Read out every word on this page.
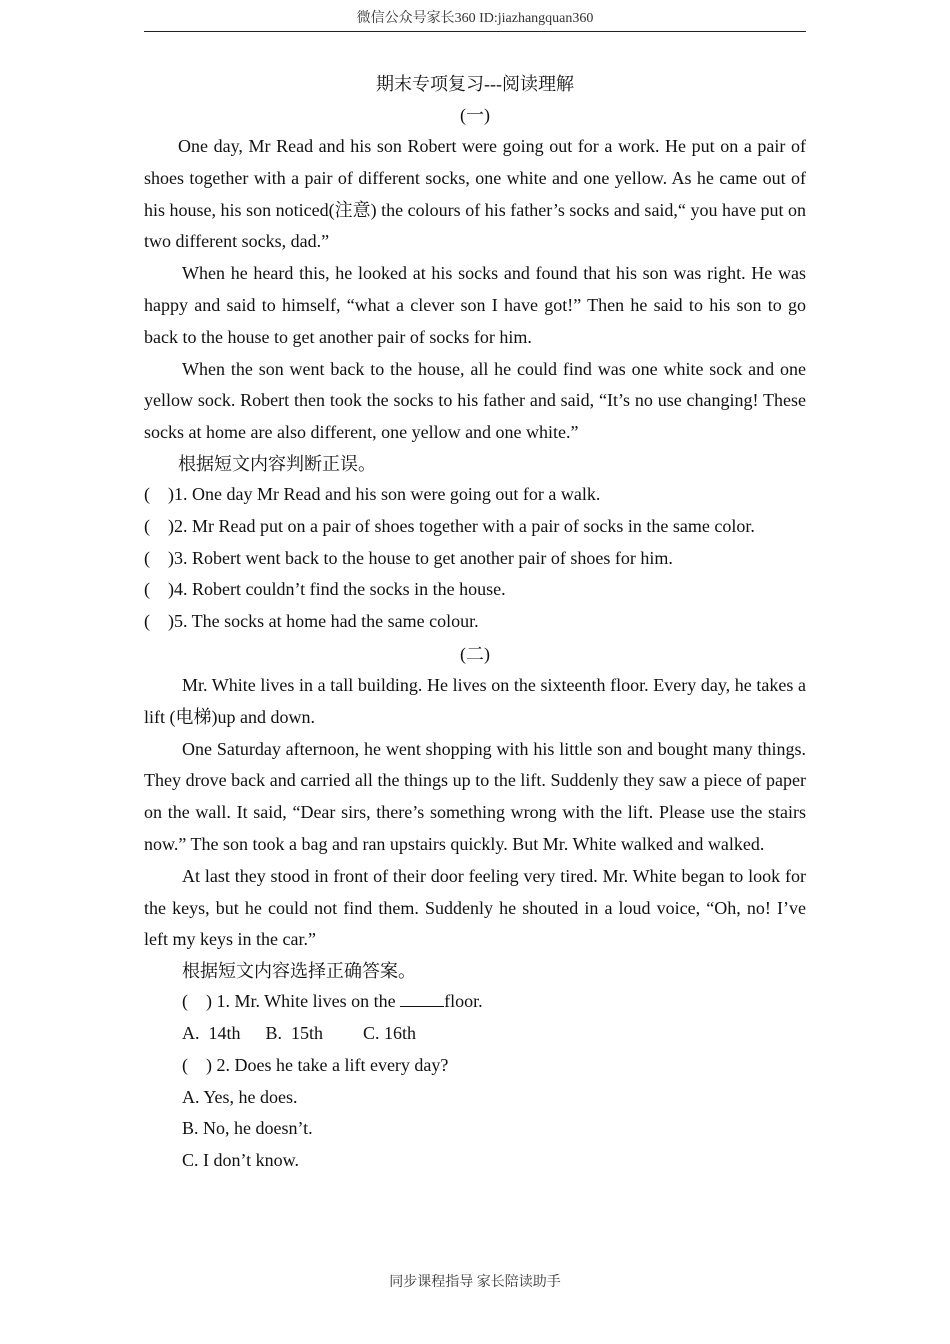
微信公众号家长360 ID:jiazhangquan360
期末专项复习---阅读理解
(一)

One day, Mr Read and his son Robert were going out for a work. He put on a pair of shoes together with a pair of different socks, one white and one yellow. As he came out of his house, his son noticed(注意) the colours of his father’s socks and said,“ you have put on two different socks, dad.”

When he heard this, he looked at his socks and found that his son was right. He was happy and said to himself, “what a clever son I have got!” Then he said to his son to go back to the house to get another pair of socks for him.

When the son went back to the house, all he could find was one white sock and one yellow sock. Robert then took the socks to his father and said, “It’s no use changing! These socks at home are also different, one yellow and one white.”

根据短文内容判断正误。

(    )1. One day Mr Read and his son were going out for a walk.

(    )2. Mr Read put on a pair of shoes together with a pair of socks in the same color.

(    )3. Robert went back to the house to get another pair of shoes for him.

(    )4. Robert couldn’t find the socks in the house.

(    )5. The socks at home had the same colour.

(二)

Mr. White lives in a tall building. He lives on the sixteenth floor. Every day, he takes a lift (电梯)up and down.

One Saturday afternoon, he went shopping with his little son and bought many things. They drove back and carried all the things up to the lift. Suddenly they saw a piece of paper on the wall. It said, “Dear sirs, there’s something wrong with the lift. Please use the stairs now.” The son took a bag and ran upstairs quickly. But Mr. White walked and walked.

At last they stood in front of their door feeling very tired. Mr. White began to look for the keys, but he could not find them. Suddenly he shouted in a loud voice, “Oh, no! I’ve left my keys in the car.”

根据短文内容选择正确答案。

(    ) 1. Mr. White lives on the floor.

A.  14th B.  15th C. 16th

(    ) 2. Does he take a lift every day?

A. Yes, he does.

B. No, he doesn’t.

C. I don’t know.

同步课程指导 家长陪读助手
